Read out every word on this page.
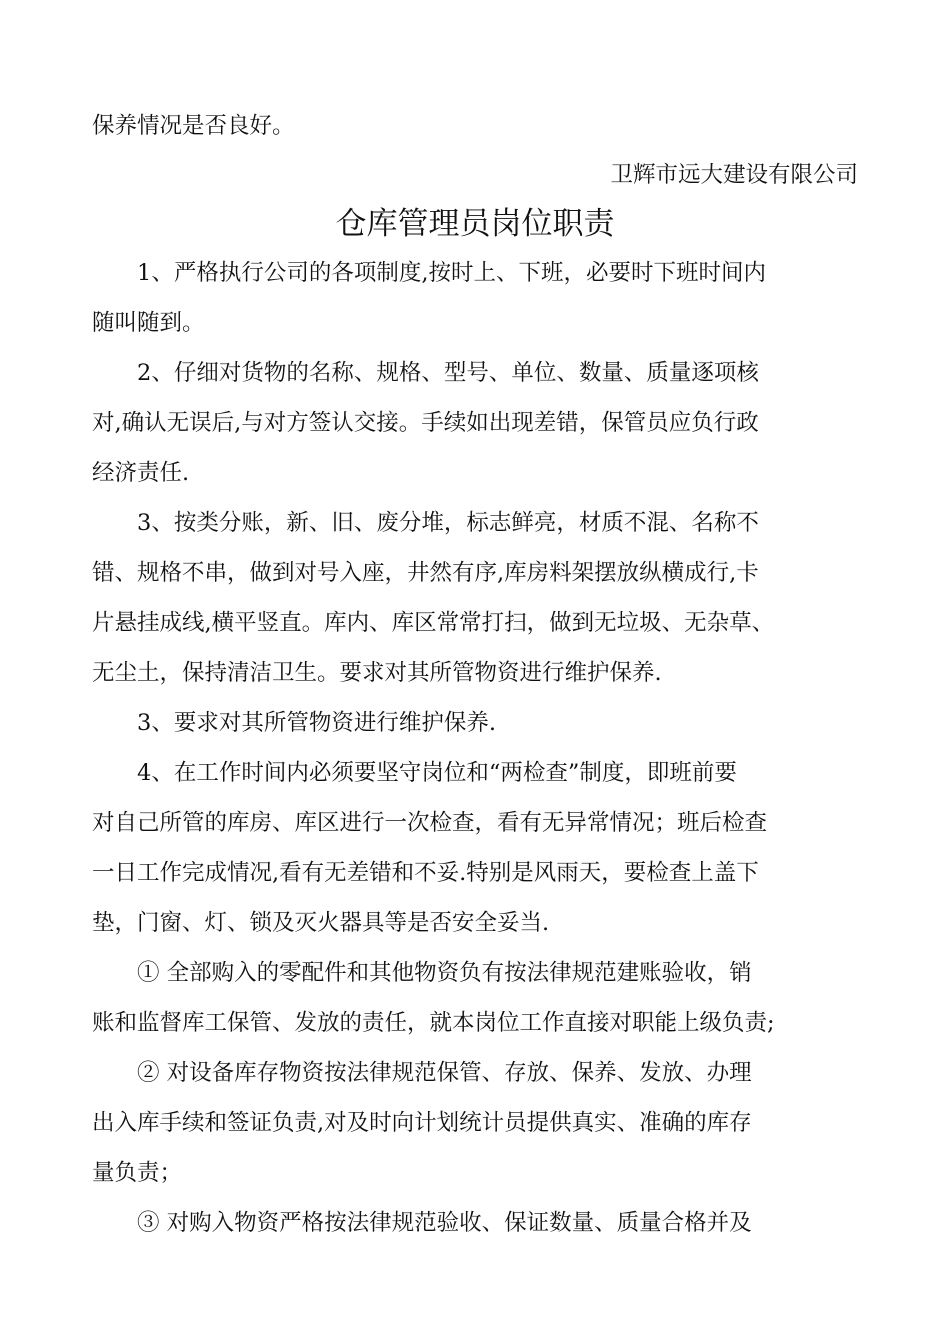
保养情况是否良好。
卫辉市远大建设有限公司
仓库管理员岗位职责
1、严格执行公司的各项制度,按时上、下班，必要时下班时间内
随叫随到。
2、仔细对货物的名称、规格、型号、单位、数量、质量逐项核
对,确认无误后,与对方签认交接。手续如出现差错，保管员应负行政
经济责任.
3、按类分账，新、旧、废分堆，标志鲜亮，材质不混、名称不
错、规格不串，做到对号入座，井然有序,库房料架摆放纵横成行,卡
片悬挂成线,横平竖直。库内、库区常常打扫，做到无垃圾、无杂草、
无尘土，保持清洁卫生。要求对其所管物资进行维护保养.
3、要求对其所管物资进行维护保养.
4、在工作时间内必须要坚守岗位和“两检查”制度，即班前要
对自己所管的库房、库区进行一次检查，看有无异常情况；班后检查
一日工作完成情况,看有无差错和不妥.特别是风雨天，要检查上盖下
垫，门窗、灯、锁及灭火器具等是否安全妥当.
① 全部购入的零配件和其他物资负有按法律规范建账验收，销
账和监督库工保管、发放的责任，就本岗位工作直接对职能上级负责;
② 对设备库存物资按法律规范保管、存放、保养、发放、办理
出入库手续和签证负责,对及时向计划统计员提供真实、准确的库存
量负责；
③ 对购入物资严格按法律规范验收、保证数量、质量合格并及
